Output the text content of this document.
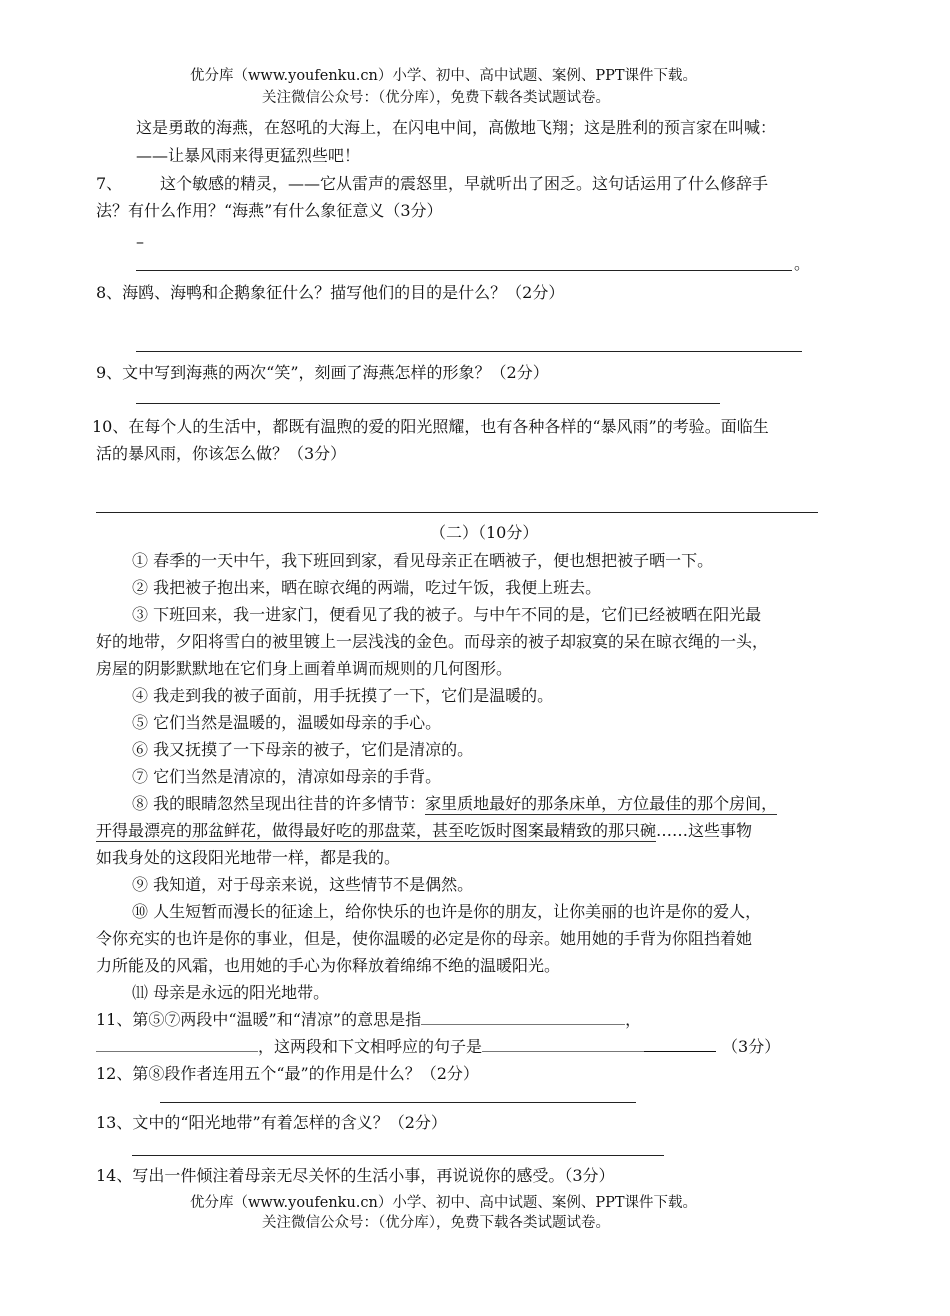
优分库（www.youfenku.cn）小学、初中、高中试题、案例、PPT课件下载。
关注微信公众号：（优分库），免费下载各类试题试卷。
这是勇敢的海燕，在怒吼的大海上，在闪电中间，高傲地飞翔；这是胜利的预言家在叫喊：
——让暴风雨来得更猛烈些吧！
7、 这个敏感的精灵，——它从雷声的震怒里，早就听出了困乏。这句话运用了什么修辞手
法？有什么作用？“海燕”有什么象征意义（3分）
–
。
8、海鸥、海鸭和企鹅象征什么？描写他们的目的是什么？（2分）
9、文中写到海燕的两次“笑”，刻画了海燕怎样的形象？（2分）
10、在每个人的生活中，都既有温煦的爱的阳光照耀，也有各种各样的“暴风雨”的考验。面临生
活的暴风雨，你该怎么做？（3分）
（二）（10分）
① 春季的一天中午，我下班回到家，看见母亲正在晒被子，便也想把被子晒一下。
② 我把被子抱出来，晒在晾衣绳的两端，吃过午饭，我便上班去。
③ 下班回来，我一进家门，便看见了我的被子。与中午不同的是，它们已经被晒在阳光最
好的地带，夕阳将雪白的被里镀上一层浅浅的金色。而母亲的被子却寂寞的呆在晾衣绳的一头，
房屋的阴影默默地在它们身上画着单调而规则的几何图形。
④ 我走到我的被子面前，用手抚摸了一下，它们是温暖的。
⑤ 它们当然是温暖的，温暖如母亲的手心。
⑥ 我又抚摸了一下母亲的被子，它们是清凉的。
⑦ 它们当然是清凉的，清凉如母亲的手背。
⑧ 我的眼睛忽然呈现出往昔的许多情节：家里质地最好的那条床单，方位最佳的那个房间，
开得最漂亮的那盆鲜花，做得最好吃的那盘菜，甚至吃饭时图案最精致的那只碗……这些事物
如我身处的这段阳光地带一样，都是我的。
⑨ 我知道，对于母亲来说，这些情节不是偶然。
⑩ 人生短暂而漫长的征途上，给你快乐的也许是你的朋友，让你美丽的也许是你的爱人，
令你充实的也许是你的事业，但是，使你温暖的必定是你的母亲。她用她的手背为你阻挡着她
力所能及的风霜，也用她的手心为你释放着绵绵不绝的温暖阳光。
⑾ 母亲是永远的阳光地带。
11、第⑤⑦两段中“温暖”和“清凉”的意思是指	，
，这两段和下文相呼应的句子是	（3分）
12、第⑧段作者连用五个“最”的作用是什么？（2分）
13、文中的“阳光地带”有着怎样的含义？（2分）
14、写出一件倾注着母亲无尽关怀的生活小事，再说说你的感受。（3分）
优分库（www.youfenku.cn）小学、初中、高中试题、案例、PPT课件下载。
关注微信公众号：（优分库），免费下载各类试题试卷。
